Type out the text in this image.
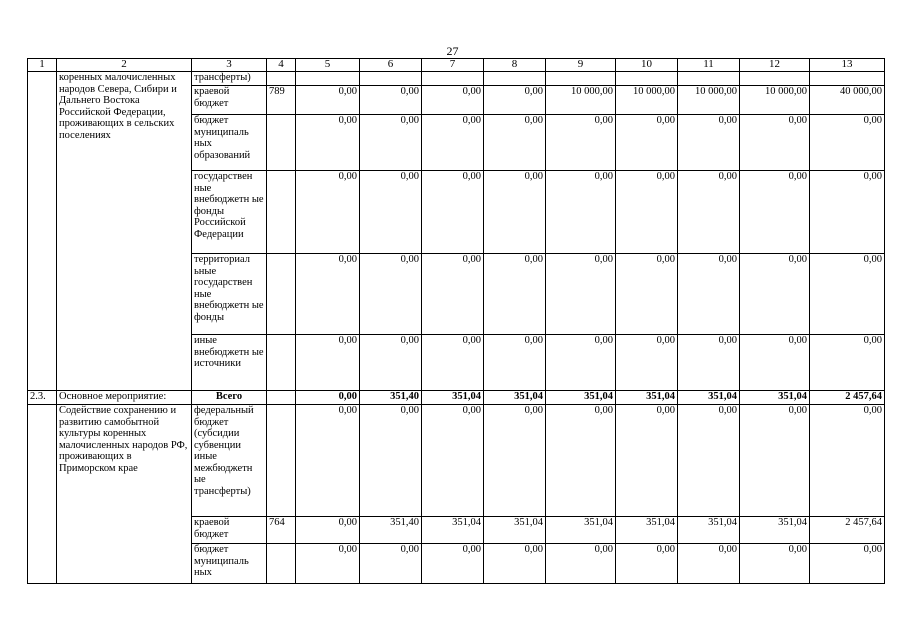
27
1	2	3	4	5	6	7	8	9	10	11	12	13
	коренных малочисленных народов Севера, Сибири и Дальнего Востока Российской Федерации, проживающих в сельских поселениях	трансферты)										
		краевой бюджет	789	0,00	0,00	0,00	0,00	10 000,00	10 000,00	10 000,00	10 000,00	40 000,00
		бюджет муниципаль ных образований		0,00	0,00	0,00	0,00	0,00	0,00	0,00	0,00	0,00
		государствен ные внебюджетн ые фонды Российской Федерации		0,00	0,00	0,00	0,00	0,00	0,00	0,00	0,00	0,00
		территориал ьные государствен ные внебюджетн ые фонды		0,00	0,00	0,00	0,00	0,00	0,00	0,00	0,00	0,00
		иные внебюджетн ые источники		0,00	0,00	0,00	0,00	0,00	0,00	0,00	0,00	0,00
2.3.	Основное мероприятие:	Всего		0,00	351,40	351,04	351,04	351,04	351,04	351,04	351,04	2 457,64
	Содействие сохранению и развитию самобытной культуры коренных малочисленных народов РФ, проживающих в Приморском крае	федеральный бюджет (субсидии субвенции иные межбюджетн ые трансферты)		0,00	0,00	0,00	0,00	0,00	0,00	0,00	0,00	0,00
		краевой бюджет	764	0,00	351,40	351,04	351,04	351,04	351,04	351,04	351,04	2 457,64
		бюджет муниципаль ных		0,00	0,00	0,00	0,00	0,00	0,00	0,00	0,00	0,00
